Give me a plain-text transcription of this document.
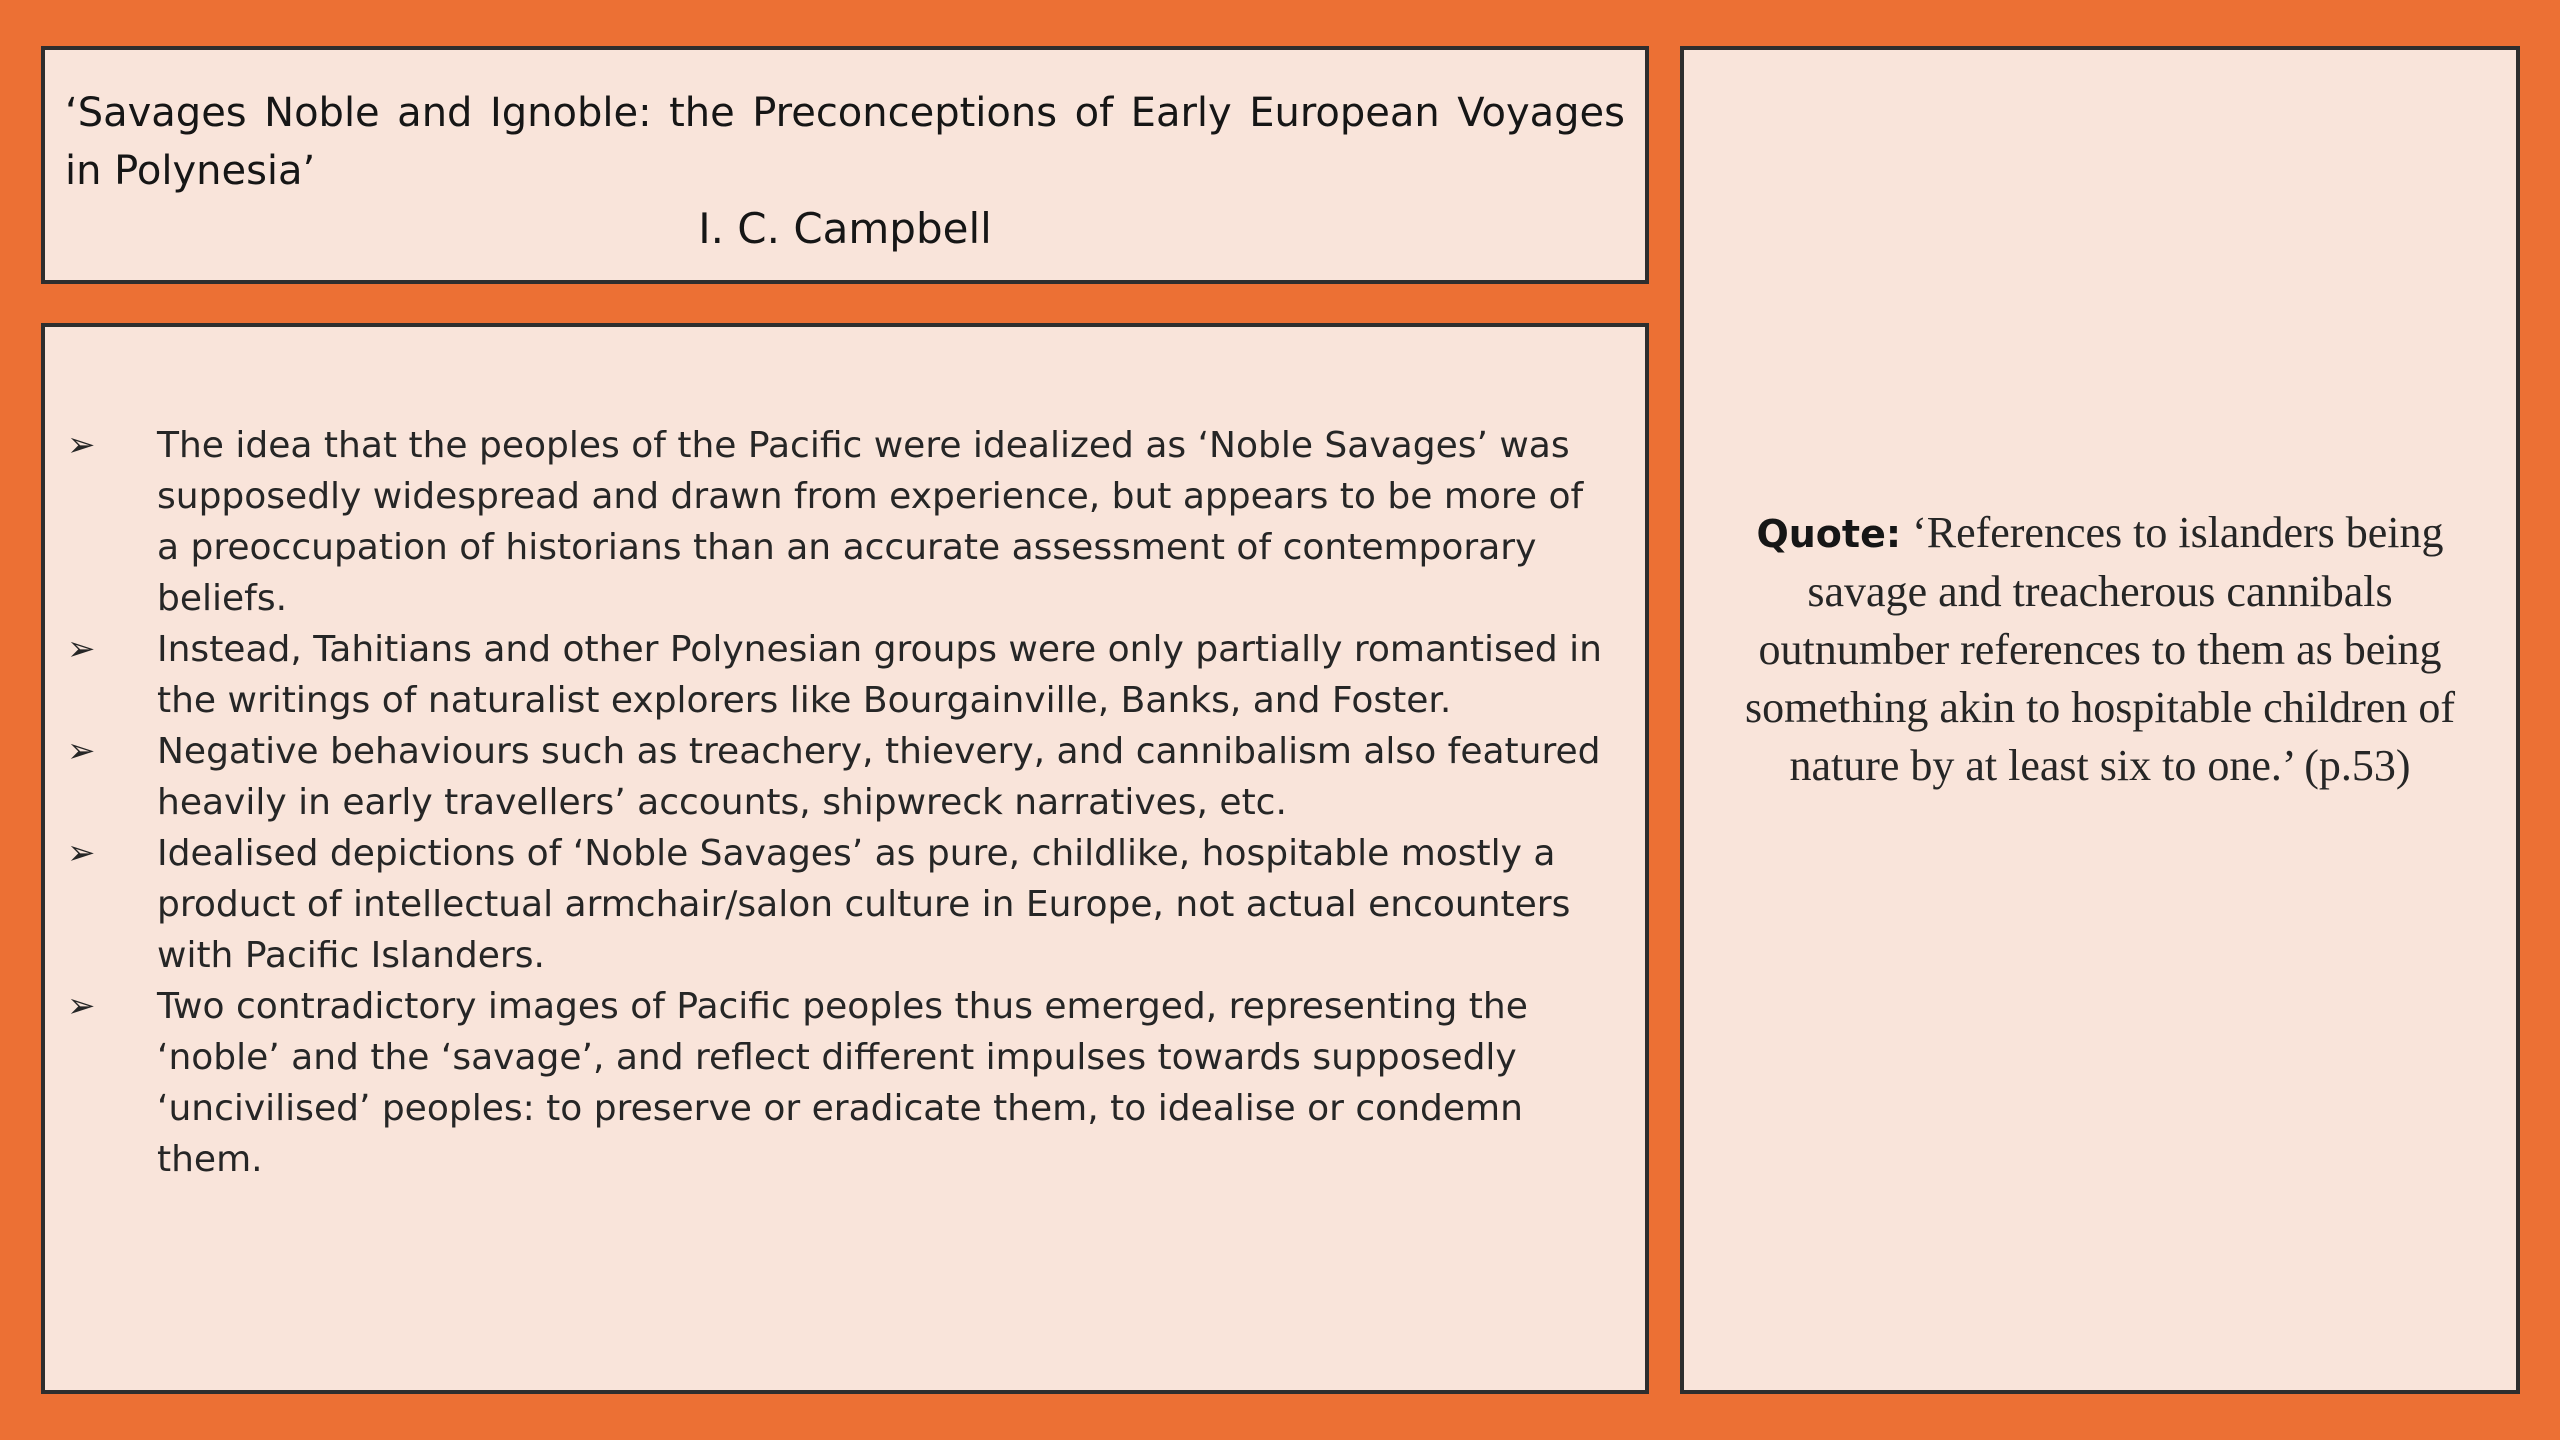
‘Savages Noble and Ignoble: the Preconceptions of Early European Voyages in Polynesia’

I. C. Campbell

➢	The idea that the peoples of the Pacific were idealized as ‘Noble Savages’ was supposedly widespread and drawn from experience, but appears to be more of a preoccupation of historians than an accurate assessment of contemporary beliefs.
➢	Instead, Tahitians and other Polynesian groups were only partially romantised in the writings of naturalist explorers like Bourgainville, Banks, and Foster.
➢	Negative behaviours such as treachery, thievery, and cannibalism also featured heavily in early travellers’ accounts, shipwreck narratives, etc.
➢	Idealised depictions of ‘Noble Savages’ as pure, childlike, hospitable mostly a product of intellectual armchair/salon culture in Europe, not actual encounters with Pacific Islanders.
➢	Two contradictory images of Pacific peoples thus emerged, representing the ‘noble’ and the ‘savage’, and reflect different impulses towards supposedly ‘uncivilised’ peoples: to preserve or eradicate them, to idealise or condemn them.

Quote: ‘References to islanders being savage and treacherous cannibals outnumber references to them as being something akin to hospitable children of nature by at least six to one.’ (p.53)
